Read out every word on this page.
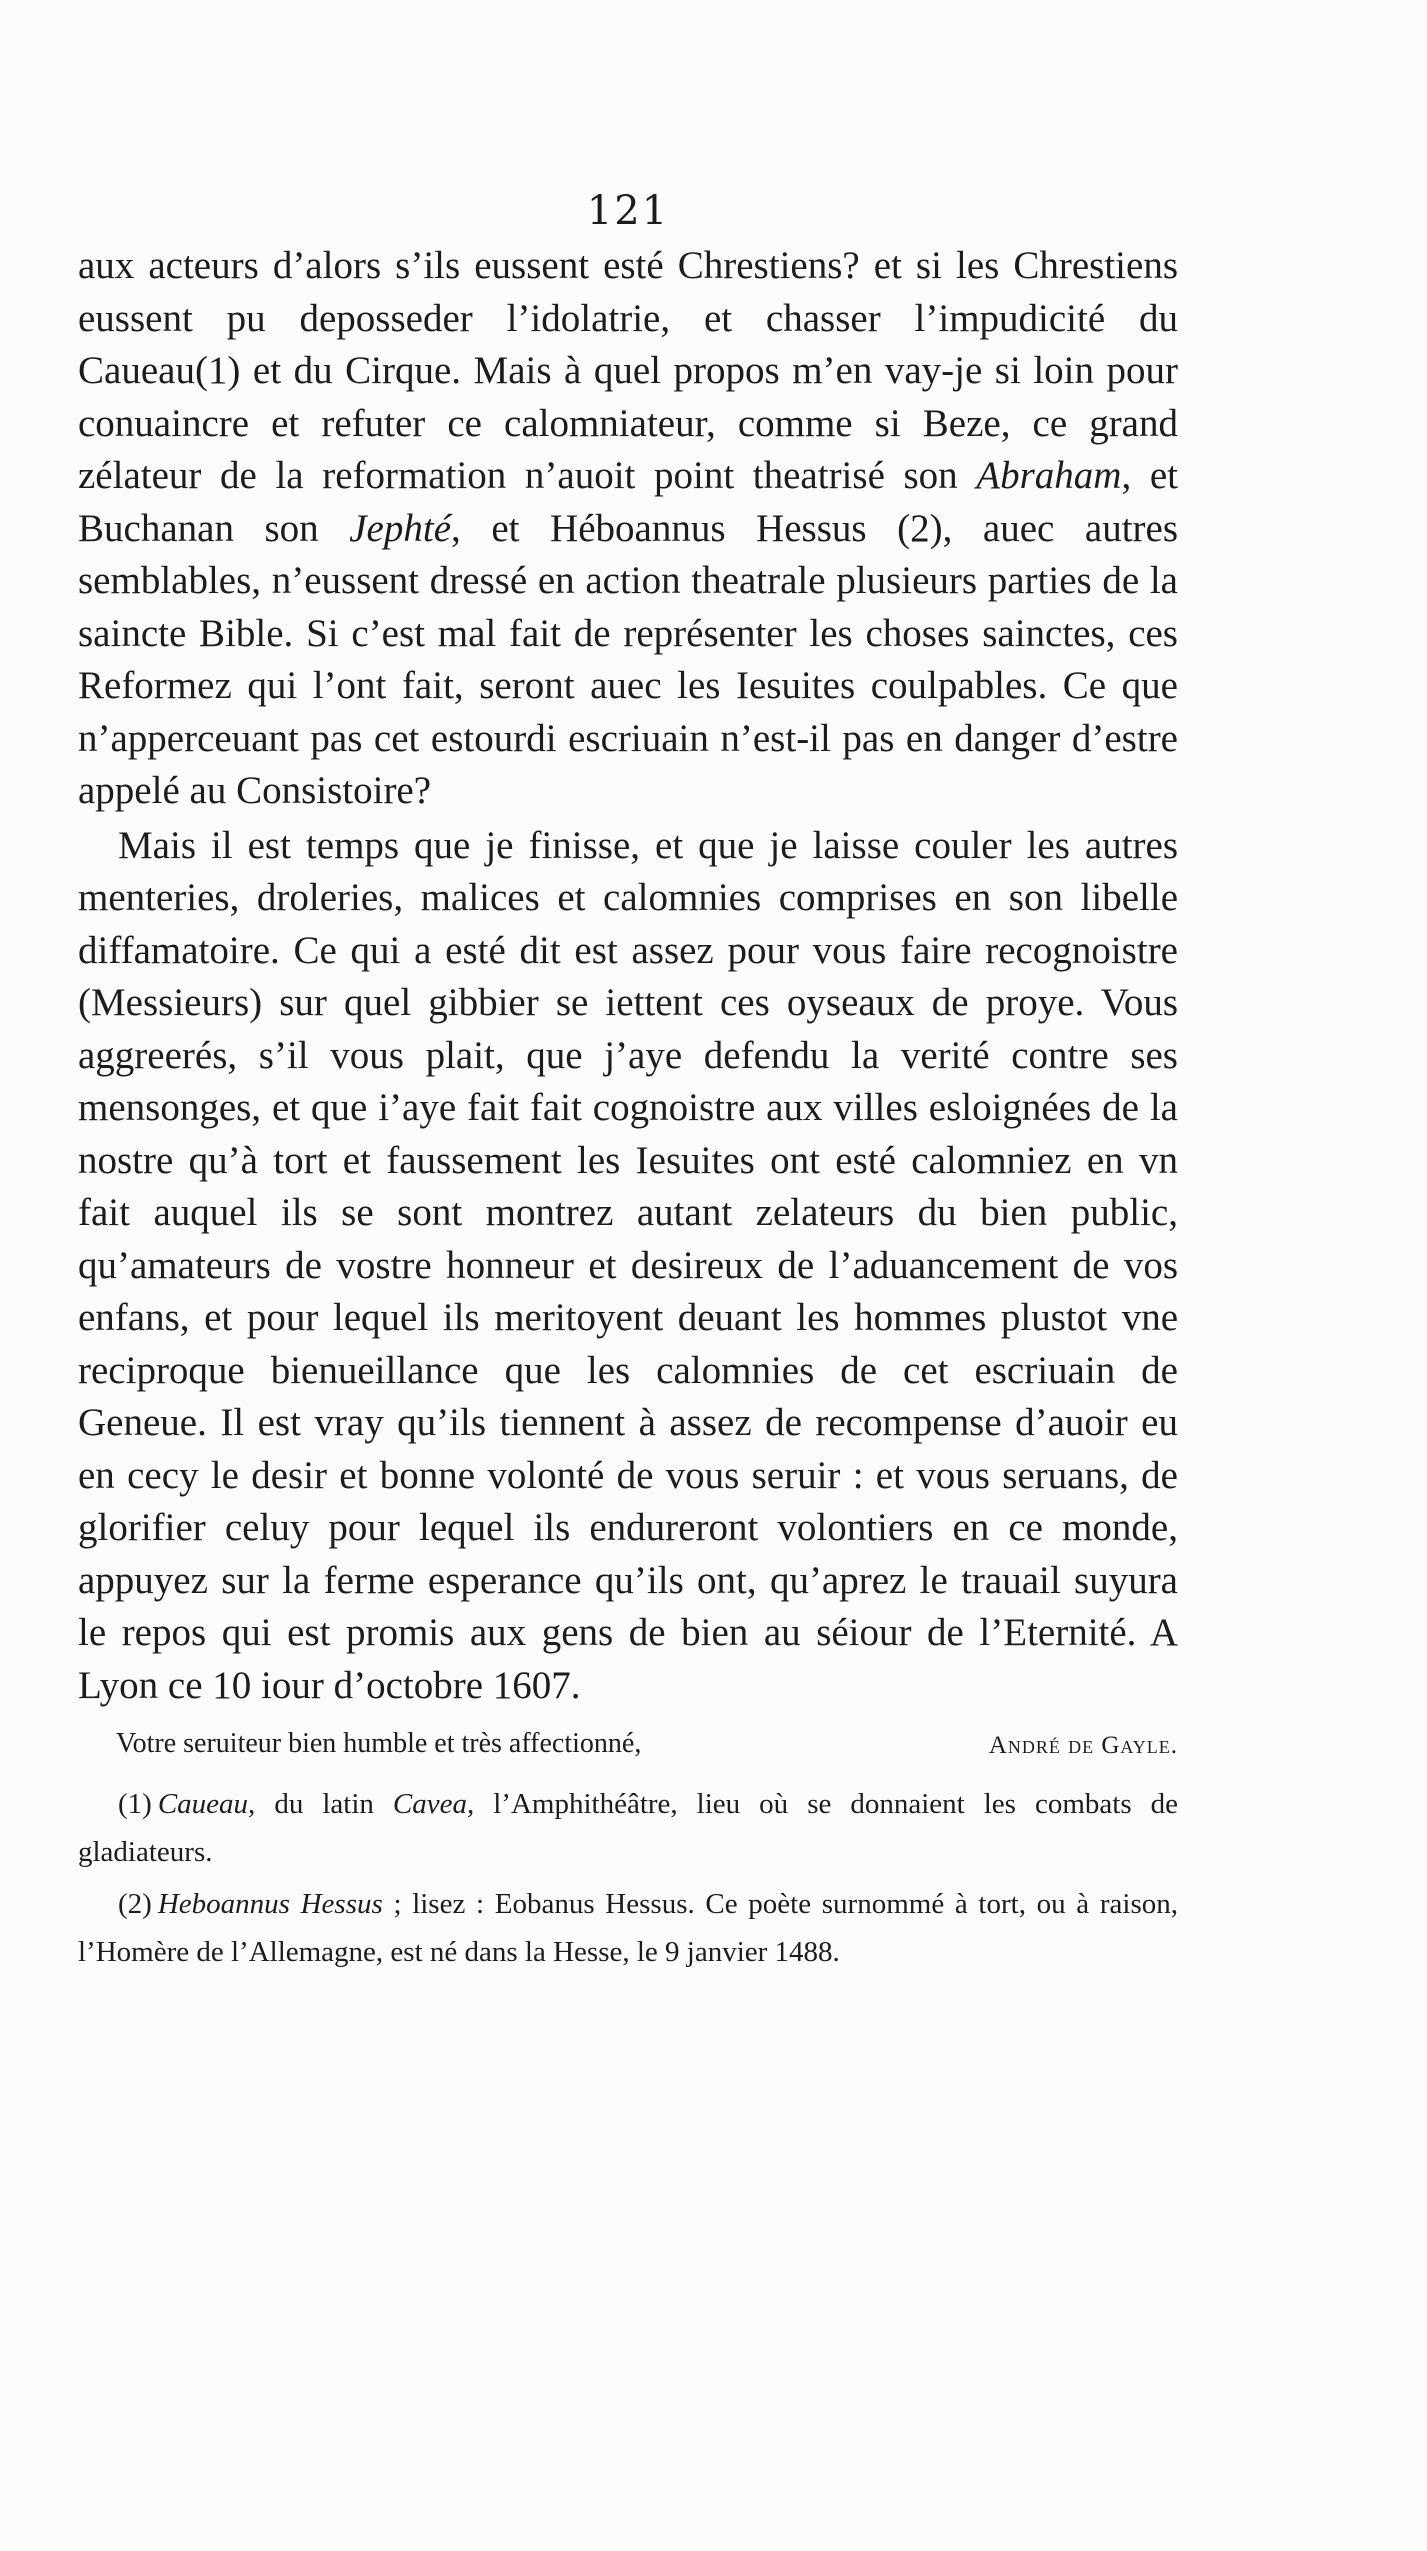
121

aux acteurs d’alors s’ils eussent esté Chrestiens? et si les Chrestiens eussent pu deposseder l’idolatrie, et chasser l’impudicité du Caueau(1) et du Cirque. Mais à quel propos m’en vay-je si loin pour conuaincre et refuter ce calomniateur, comme si Beze, ce grand zélateur de la reformation n’auoit point theatrisé son Abraham, et Buchanan son Jephté, et Héboannus Hessus (2), auec autres semblables, n’eussent dressé en action theatrale plusieurs parties de la saincte Bible. Si c’est mal fait de représenter les choses sainctes, ces Reformez qui l’ont fait, seront auec les Iesuites coulpables. Ce que n’apperceuant pas cet estourdi escriuain n’est-il pas en danger d’estre appelé au Consistoire?

Mais il est temps que je finisse, et que je laisse couler les autres menteries, droleries, malices et calomnies comprises en son libelle diffamatoire. Ce qui a esté dit est assez pour vous faire recognoistre (Messieurs) sur quel gibbier se iettent ces oyseaux de proye. Vous aggreerés, s’il vous plait, que j’aye defendu la verité contre ses mensonges, et que i’aye fait fait cognoistre aux villes esloignées de la nostre qu’à tort et faussement les Iesuites ont esté calomniez en vn fait auquel ils se sont montrez autant zelateurs du bien public, qu’amateurs de vostre honneur et desireux de l’aduancement de vos enfans, et pour lequel ils meritoyent deuant les hommes plustot vne reciproque bienueillance que les calomnies de cet escriuain de Geneue. Il est vray qu’ils tiennent à assez de recompense d’auoir eu en cecy le desir et bonne volonté de vous seruir : et vous seruans, de glorifier celuy pour lequel ils endureront volontiers en ce monde, appuyez sur la ferme esperance qu’ils ont, qu’aprez le trauail suyura le repos qui est promis aux gens de bien au séiour de l’Eternité. A Lyon ce 10 iour d’octobre 1607.

Votre seruiteur bien humble et très affectionné,	André de Gayle.

(1) Caueau, du latin Cavea, l’Amphithéâtre, lieu où se donnaient les combats de gladiateurs.

(2) Heboannus Hessus ; lisez : Eobanus Hessus. Ce poète surnommé à tort, ou à raison, l’Homère de l’Allemagne, est né dans la Hesse, le 9 janvier 1488.
